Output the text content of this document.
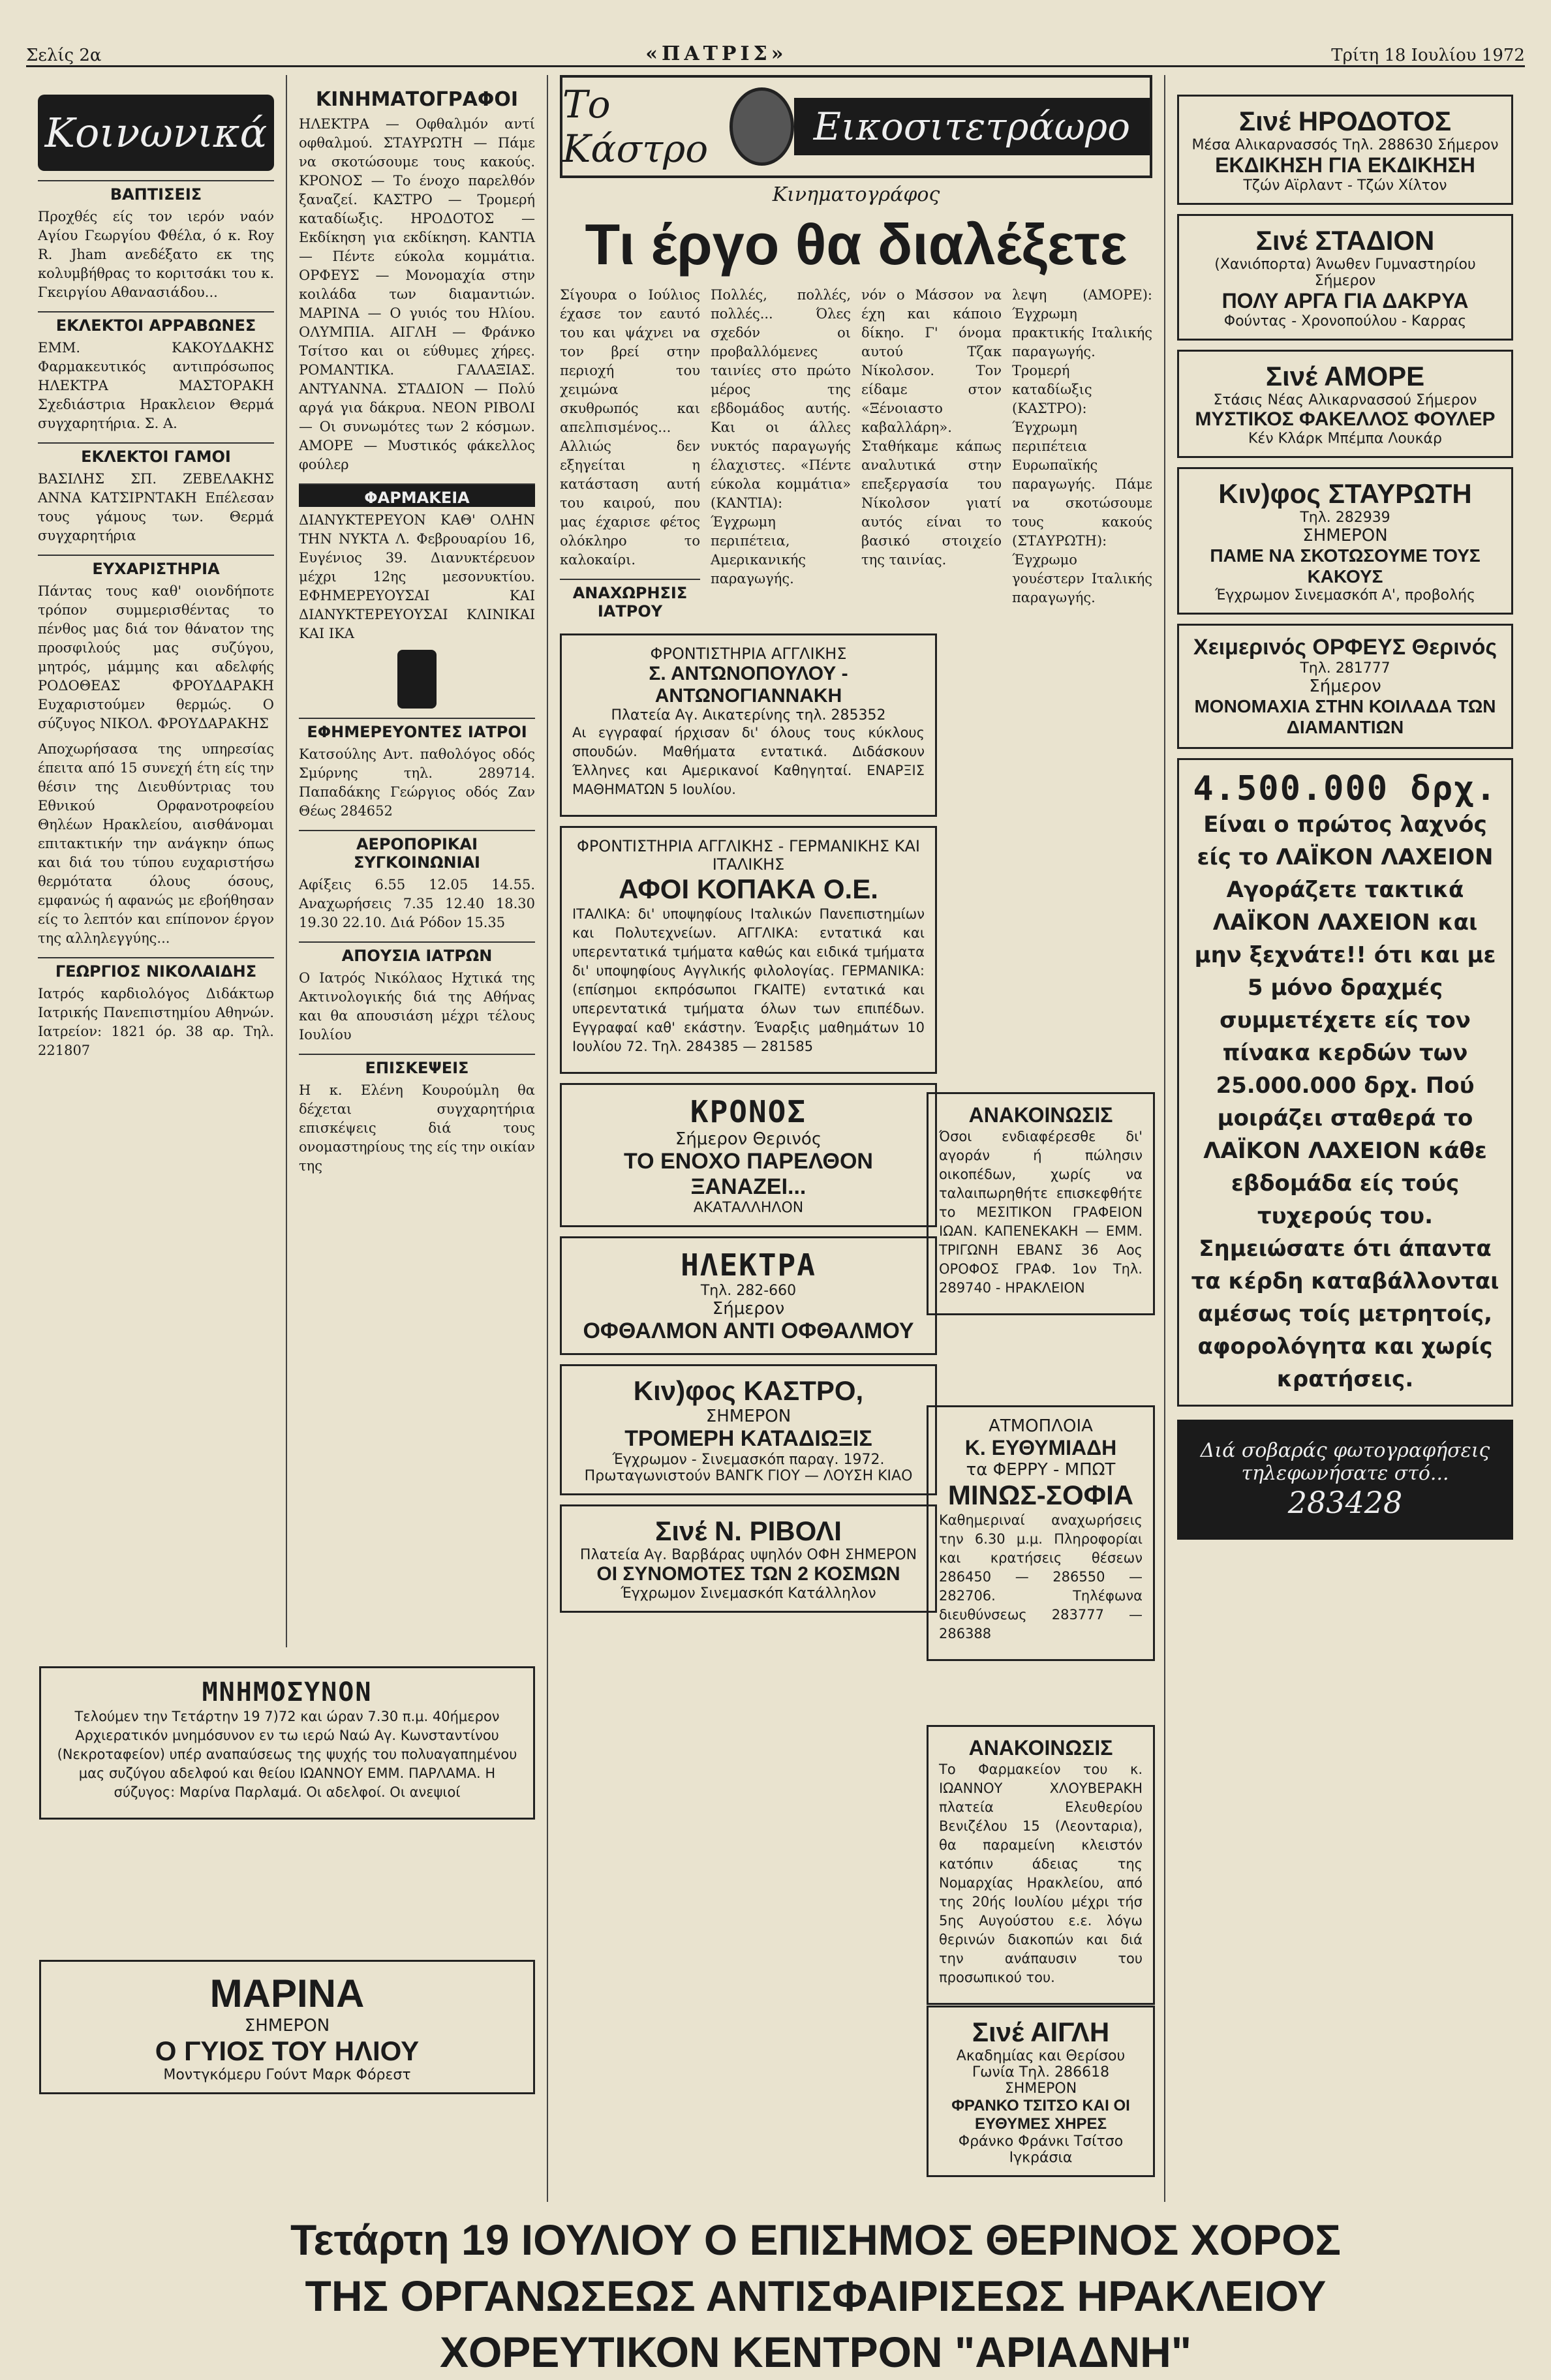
Σελίς 2α	«ΠΑΤΡΙΣ»	Τρίτη 18 Ιουλίου 1972
Κοινωνικά
ΒΑΠΤΙΣΕΙΣ

Προχθές είς τον ιερόν ναόν Αγίου Γεωργίου Φθέλα, ό κ. Roy R. Jham ανεδέξατο εκ της κολυμβήθρας το κοριτσάκι του κ. Γκειργίου Αθανασιάδου...

ΕΚΛΕΚΤΟΙ ΑΡΡΑΒΩΝΕΣ

ΕΜΜ. ΚΑΚΟΥΔΑΚΗΣ Φαρμακευτικός αντιπρόσωπος ΗΛΕΚΤΡΑ ΜΑΣΤΟΡΑΚΗ Σχεδιάστρια Ηρακλειον Θερμά συγχαρητήρια. Σ. Α.

ΕΚΛΕΚΤΟΙ ΓΑΜΟΙ

ΒΑΣΙΛΗΣ ΣΠ. ΖΕΒΕΛΑΚΗΣ ΑΝΝΑ ΚΑΤΣΙΡΝΤΑΚΗ Επέλεσαν τους γάμους των. Θερμά συγχαρητήρια

ΕΥΧΑΡΙΣΤΗΡΙΑ

Πάντας τους καθ' οιονδήποτε τρόπον συμμερισθέντας το πένθος μας διά τον θάνατον της προσφιλούς μας συζύγου, μητρός, μάμμης και αδελφής ΡΟΔΟΘΕΑΣ ΦΡΟΥΔΑΡΑΚΗ Ευχαριστούμεν θερμώς. Ο σύζυγος ΝΙΚΟΛ. ΦΡΟΥΔΑΡΑΚΗΣ

Αποχωρήσασα της υπηρεσίας έπειτα από 15 συνεχή έτη είς την θέσιν της Διευθύντριας του Εθνικού Ορφανοτροφείου Θηλέων Ηρακλείου, αισθάνομαι επιτακτικήν την ανάγκην όπως και διά του τύπου ευχαριστήσω θερμότατα όλους όσους, εμφανώς ή αφανώς με εβοήθησαν είς το λεπτόν και επίπονον έργον της αλληλεγγύης...

ΓΕΩΡΓΙΟΣ ΝΙΚΟΛΑΙΔΗΣ

Ιατρός καρδιολόγος Διδάκτωρ Ιατρικής Πανεπιστημίου Αθηνών. Ιατρείον: 1821 όρ. 38 αρ. Τηλ. 221807

ΚΙΝΗΜΑΤΟΓΡΑΦΟΙ

ΗΛΕΚΤΡΑ — Οφθαλμόν αντί οφθαλμού. ΣΤΑΥΡΩΤΗ — Πάμε να σκοτώσουμε τους κακούς. ΚΡΟΝΟΣ — Το ένοχο παρελθόν ξαναζεί. ΚΑΣΤΡΟ — Τρομερή καταδίωξις. ΗΡΟΔΟΤΟΣ — Εκδίκηση για εκδίκηση. ΚΑΝΤΙΑ — Πέντε εύκολα κομμάτια. ΟΡΦΕΥΣ — Μονομαχία στην κοιλάδα των διαμαντιών. ΜΑΡΙΝΑ — Ο γυιός του Ηλίου. ΟΛΥΜΠΙΑ. ΑΙΓΛΗ — Φράνκο Τσίτσο και οι εύθυμες χήρες. ΡΟΜΑΝΤΙΚΑ. ΓΑΛΑΞΙΑΣ. ΑΝΤΥΑΝΝΑ. ΣΤΑΔΙΟΝ — Πολύ αργά για δάκρυα. ΝΕΟΝ ΡΙΒΟΛΙ — Οι συνωμότες των 2 κόσμων. ΑΜΟΡΕ — Μυστικός φάκελλος φούλερ

ΦΑΡΜΑΚΕΙΑ

ΔΙΑΝΥΚΤΕΡΕΥΟΝ ΚΑΘ' ΟΛΗΝ ΤΗΝ ΝΥΚΤΑ Λ. Φεβρουαρίου 16, Ευγένιος 39. Διανυκτέρευον μέχρι 12ης μεσονυκτίου. ΕΦΗΜΕΡΕΥΟΥΣΑΙ ΚΑΙ ΔΙΑΝΥΚΤΕΡΕΥΟΥΣΑΙ ΚΛΙΝΙΚΑΙ ΚΑΙ ΙΚΑ

ΕΦΗΜΕΡΕΥΟΝΤΕΣ ΙΑΤΡΟΙ

Κατσούλης Αντ. παθολόγος οδός Σμύρνης τηλ. 289714. Παπαδάκης Γεώργιος οδός Ζαν Θέως 284652

ΑΕΡΟΠΟΡΙΚΑΙ ΣΥΓΚΟΙΝΩΝΙΑΙ

Αφίξεις 6.55 12.05 14.55. Αναχωρήσεις 7.35 12.40 18.30 19.30 22.10. Διά Ρόδον 15.35

ΑΠΟΥΣΙΑ ΙΑΤΡΩΝ

Ο Ιατρός Νικόλαος Ηχτικά της Ακτινολογικής διά της Αθήνας και θα απουσιάση μέχρι τέλους Ιουλίου

ΕΠΙΣΚΕΨΕΙΣ

Η κ. Ελένη Κουρούμλη θα δέχεται συγχαρητήρια επισκέψεις διά τους ονομαστηρίους της είς την οικίαν της

ΜΝΗΜΟΣΥΝΟΝ

Τελούμεν την Τετάρτην 19 7)72 και ώραν 7.30 π.μ. 40ήμερον Αρχιερατικόν μνημόσυνον εν τω ιερώ Ναώ Αγ. Κωνσταντίνου (Νεκροταφείον) υπέρ αναπαύσεως της ψυχής του πολυαγαπημένου μας συζύγου αδελφού και θείου ΙΩΑΝΝΟΥ ΕΜΜ. ΠΑΡΛΑΜΑ. Η σύζυγος: Μαρίνα Παρλαμά. Οι αδελφοί. Οι ανεψιοί

ΜΑΡΙΝΑ
ΣΗΜΕΡΟΝ
Ο ΓΥΙΟΣ ΤΟΥ ΗΛΙΟΥ
Μοντγκόμερυ Γούντ Μαρκ Φόρεστ
Το Κάστρο	Εικοσιτετράωρο
Κινηματογράφος
Τι έργο θα διαλέξετε

Σίγουρα ο Ιούλιος έχασε τον εαυτό του και ψάχνει να τον βρεί στην περιοχή του χειμώνα σκυθρωπός και απελπισμένος... Αλλιώς δεν εξηγείται η κατάσταση αυτή του καιρού, που μας έχαρισε φέτος ολόκληρο το καλοκαίρι.

ΑΝΑΧΩΡΗΣΙΣ ΙΑΤΡΟΥ

Πολλές, πολλές, πολλές... Όλες σχεδόν οι προβαλλόμενες ταινίες στο πρώτο μέρος της εβδομάδος αυτής. Και οι άλλες νυκτός παραγωγής έλαχιστες. «Πέντε εύκολα κομμάτια» (ΚΑΝΤΙΑ): Έγχρωμη περιπέτεια, Αμερικανικής παραγωγής.

νόν ο Μάσσον να έχη και κάποιο δίκηο. Γ' όνομα αυτού Τζακ Νίκολσον. Τον είδαμε στον «Ξένοιαστο καβαλλάρη». Σταθήκαμε κάπως αναλυτικά στην επεξεργασία του Νίκολσον γιατί αυτός είναι το βασικό στοιχείο της ταινίας.

λεψη (ΑΜΟΡΕ): Έγχρωμη πρακτικής Ιταλικής παραγωγής. Τρομερή καταδίωξις (ΚΑΣΤΡΟ): Έγχρωμη περιπέτεια Ευρωπαϊκής παραγωγής. Πάμε να σκοτώσουμε τους κακούς (ΣΤΑΥΡΩΤΗ): Έγχρωμο γουέστερν Ιταλικής παραγωγής.

ΦΡΟΝΤΙΣΤΗΡΙΑ ΑΓΓΛΙΚΗΣ
Σ. ΑΝΤΩΝΟΠΟΥΛΟΥ - ΑΝΤΩΝΟΓΙΑΝΝΑΚΗ
Πλατεία Αγ. Αικατερίνης τηλ. 285352

Αι εγγραφαί ήρχισαν δι' όλους τους κύκλους σπουδών. Μαθήματα εντατικά. Διδάσκουν Έλληνες και Αμερικανοί Καθηγηταί. ΕΝΑΡΞΙΣ ΜΑΘΗΜΑΤΩΝ 5 Ιουλίου.

ΦΡΟΝΤΙΣΤΗΡΙΑ ΑΓΓΛΙΚΗΣ - ΓΕΡΜΑΝΙΚΗΣ ΚΑΙ ΙΤΑΛΙΚΗΣ
ΑΦΟΙ ΚΟΠΑΚΑ Ο.Ε.

ΙΤΑΛΙΚΑ: δι' υποψηφίους Ιταλικών Πανεπιστημίων και Πολυτεχνείων. ΑΓΓΛΙΚΑ: εντατικά και υπερεντατικά τμήματα καθώς και ειδικά τμήματα δι' υποψηφίους Αγγλικής φιλολογίας. ΓΕΡΜΑΝΙΚΑ: (επίσημοι εκπρόσωποι ΓΚΑΙΤΕ) εντατικά και υπερεντατικά τμήματα όλων των επιπέδων. Εγγραφαί καθ' εκάστην. Έναρξις μαθημάτων 10 Ιουλίου 72. Τηλ. 284385 — 281585

ΚΡΟΝΟΣ
Σήμερον Θερινός
ΤΟ ΕΝΟΧΟ ΠΑΡΕΛΘΟΝ ΞΑΝΑΖΕΙ...
ΑΚΑΤΑΛΛΗΛΟΝ
ΗΛΕΚΤΡΑ
Τηλ. 282-660
Σήμερον
ΟΦΘΑΛΜΟΝ ΑΝΤΙ ΟΦΘΑΛΜΟΥ
Κιν)φος ΚΑΣΤΡΟ,
ΣΗΜΕΡΟΝ
ΤΡΟΜΕΡΗ ΚΑΤΑΔΙΩΞΙΣ
Έγχρωμον - Σινεμασκόπ παραγ. 1972. Πρωταγωνιστούν ΒΑΝΓΚ ΓΙΟΥ — ΛΟΥΣΗ ΚΙΑΟ
Σινέ Ν. ΡΙΒΟΛΙ
Πλατεία Αγ. Βαρβάρας υψηλόν ΟΦΗ ΣΗΜΕΡΟΝ
ΟΙ ΣΥΝΟΜΟΤΕΣ ΤΩΝ 2 ΚΟΣΜΩΝ
Έγχρωμον Σινεμασκόπ Κατάλληλον
ΑΝΑΚΟΙΝΩΣΙΣ

Όσοι ενδιαφέρεσθε δι' αγοράν ή πώλησιν οικοπέδων, χωρίς να ταλαιπωρηθήτε επισκεφθήτε το ΜΕΣΙΤΙΚΟΝ ΓΡΑΦΕΙΟΝ ΙΩΑΝ. ΚΑΠΕΝΕΚΑΚΗ — ΕΜΜ. ΤΡΙΓΩΝΗ ΕΒΑΝΣ 36 Αος ΟΡΟΦΟΣ ΓΡΑΦ. 1ον Τηλ. 289740 - ΗΡΑΚΛΕΙΟΝ

ΑΤΜΟΠΛΟΙΑ
Κ. ΕΥΘΥΜΙΑΔΗ
τα ΦΕΡΡΥ - ΜΠΩΤ
ΜΙΝΩΣ-ΣΟΦΙΑ

Καθημεριναί αναχωρήσεις την 6.30 μ.μ. Πληροφορίαι και κρατήσεις θέσεων 286450 — 286550 — 282706. Τηλέφωνα διευθύνσεως 283777 — 286388

ΑΝΑΚΟΙΝΩΣΙΣ

Το Φαρμακείον του κ. ΙΩΑΝΝΟΥ ΧΛΟΥΒΕΡΑΚΗ πλατεία Ελευθερίου Βενιζέλου 15 (Λεονταρια), θα παραμείνη κλειστόν κατόπιν άδειας της Νομαρχίας Ηρακλείου, από της 20ής Ιουλίου μέχρι τήσ 5ης Αυγούστου ε.ε. λόγω θερινών διακοπών και διά την ανάπαυσιν του προσωπικού του.

Σινέ ΑΙΓΛΗ
Ακαδημίας και Θερίσου Γωνία Τηλ. 286618 ΣΗΜΕΡΟΝ
ΦΡΑΝΚΟ ΤΣΙΤΣΟ ΚΑΙ ΟΙ ΕΥΘΥΜΕΣ ΧΗΡΕΣ
Φράνκο Φράνκι Τσίτσο Ιγκράσια
Σινέ ΗΡΟΔΟΤΟΣ
Μέσα Αλικαρνασσός Τηλ. 288630 Σήμερον
ΕΚΔΙΚΗΣΗ ΓΙΑ ΕΚΔΙΚΗΣΗ
Τζών Αϊρλαντ - Τζών Χίλτον
Σινέ ΣΤΑΔΙΟΝ
(Χανιόπορτα) Άνωθεν Γυμναστηρίου Σήμερον
ΠΟΛΥ ΑΡΓΑ ΓΙΑ ΔΑΚΡΥΑ
Φούντας - Χρονοπούλου - Καρρας
Σινέ ΑΜΟΡΕ
Στάσις Νέας Αλικαρνασσού Σήμερον
ΜΥΣΤΙΚΟΣ ΦΑΚΕΛΛΟΣ ΦΟΥΛΕΡ
Κέν Κλάρκ Μπέμπα Λουκάρ
Κιν)φος ΣΤΑΥΡΩΤΗ
Τηλ. 282939
ΣΗΜΕΡΟΝ
ΠΑΜΕ ΝΑ ΣΚΟΤΩΣΟΥΜΕ ΤΟΥΣ ΚΑΚΟΥΣ
Έγχρωμον Σινεμασκόπ Α', προβολής
Χειμερινός ΟΡΦΕΥΣ Θερινός
Τηλ. 281777
Σήμερον
ΜΟΝΟΜΑΧΙΑ ΣΤΗΝ ΚΟΙΛΑΔΑ ΤΩΝ ΔΙΑΜΑΝΤΙΩΝ
4.500.000 δρχ.
Είναι ο πρώτος λαχνός είς το ΛΑΪΚΟΝ ΛΑΧΕΙΟΝ Αγοράζετε τακτικά ΛΑΪΚΟΝ ΛΑΧΕΙΟΝ και μην ξεχνάτε!! ότι και με 5 μόνο δραχμές συμμετέχετε είς τον πίνακα κερδών των 25.000.000 δρχ. Πού μοιράζει σταθερά το ΛΑΪΚΟΝ ΛΑΧΕΙΟΝ κάθε εβδομάδα είς τούς τυχερούς του. Σημειώσατε ότι άπαντα τα κέρδη καταβάλλονται αμέσως τοίς μετρητοίς, αφορολόγητα και χωρίς κρατήσεις.
Διά σοβαράς φωτογραφήσεις τηλεφωνήσατε στό...
283428
Τετάρτη 19 ΙΟΥΛΙΟΥ Ο ΕΠΙΣΗΜΟΣ ΘΕΡΙΝΟΣ ΧΟΡΟΣ
ΤΗΣ ΟΡΓΑΝΩΣΕΩΣ ΑΝΤΙΣΦΑΙΡΙΣΕΩΣ ΗΡΑΚΛΕΙΟΥ
ΧΟΡΕΥΤΙΚΟΝ ΚΕΝΤΡΟΝ "ΑΡΙΑΔΝΗ"
